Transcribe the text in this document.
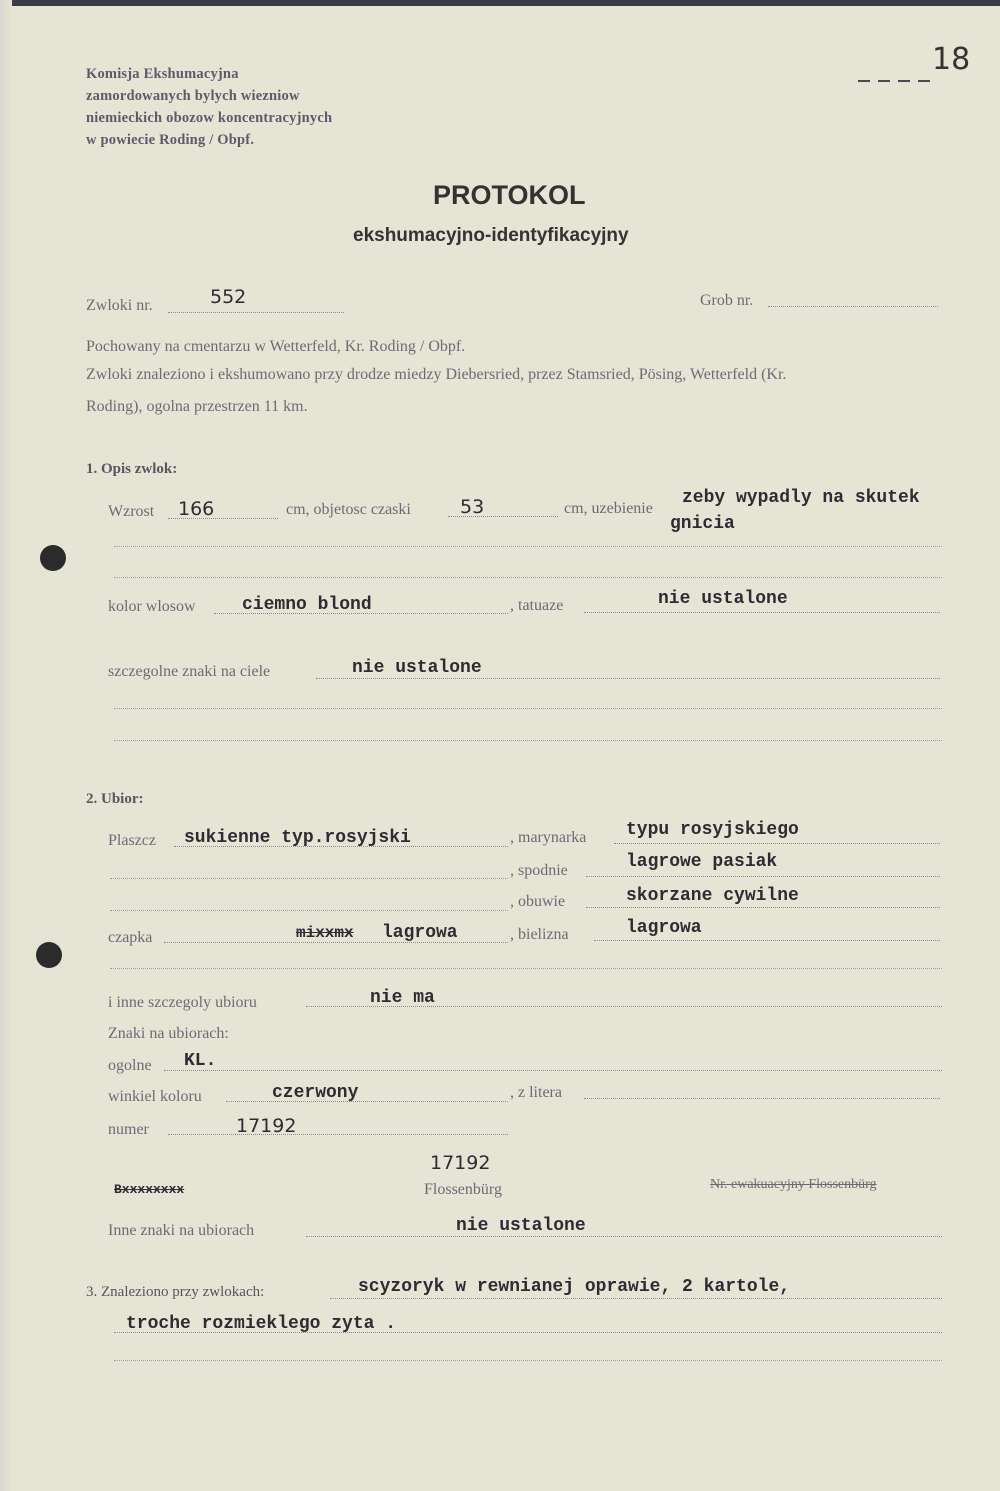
18
Komisja Ekshumacyjna
zamordowanych bylych wiezniow
niemieckich obozow koncentracyjnych
w powiecie Roding / Obpf.
PROTOKOL
ekshumacyjno-identyfikacyjny
Zwloki nr.	552	Grob nr.
Pochowany na cmentarzu w Wetterfeld, Kr. Roding / Obpf.
Zwloki znaleziono i ekshumowano przy drodze miedzy Diebersried, przez Stamsried, Pösing, Wetterfeld (Kr.
Roding), ogolna przestrzen 11 km.
1. Opis zwlok:
Wzrost 166	cm, objetosc czaski	53	cm, uzebienie
zeby wypadly na skutek
gnicia
kolor wlosow	ciemno blond	, tatuaze	nie ustalone
szczegolne znaki na ciele	nie ustalone
2. Ubior:
Plaszcz sukienne typ.rosyjski	, marynarka typu rosyjskiego
, spodnie	lagrowe pasiak
, obuwie	skorzane cywilne
czapka	mixxmx lagrowa	, bielizna	lagrowa
i inne szczegoly ubioru	nie ma
Znaki na ubiorach:
ogolne KL.
winkiel koloru	czerwony	, z litera
numer	17192
Bxxxxxxxx
17192
Flossenbürg	Nr. ewakuacyjny Flossenbürg
Inne znaki na ubiorach	nie ustalone
3. Znaleziono przy zwlokach:	scyzoryk w rewnianej oprawie, 2 kartole,
troche rozmieklego zyta .
